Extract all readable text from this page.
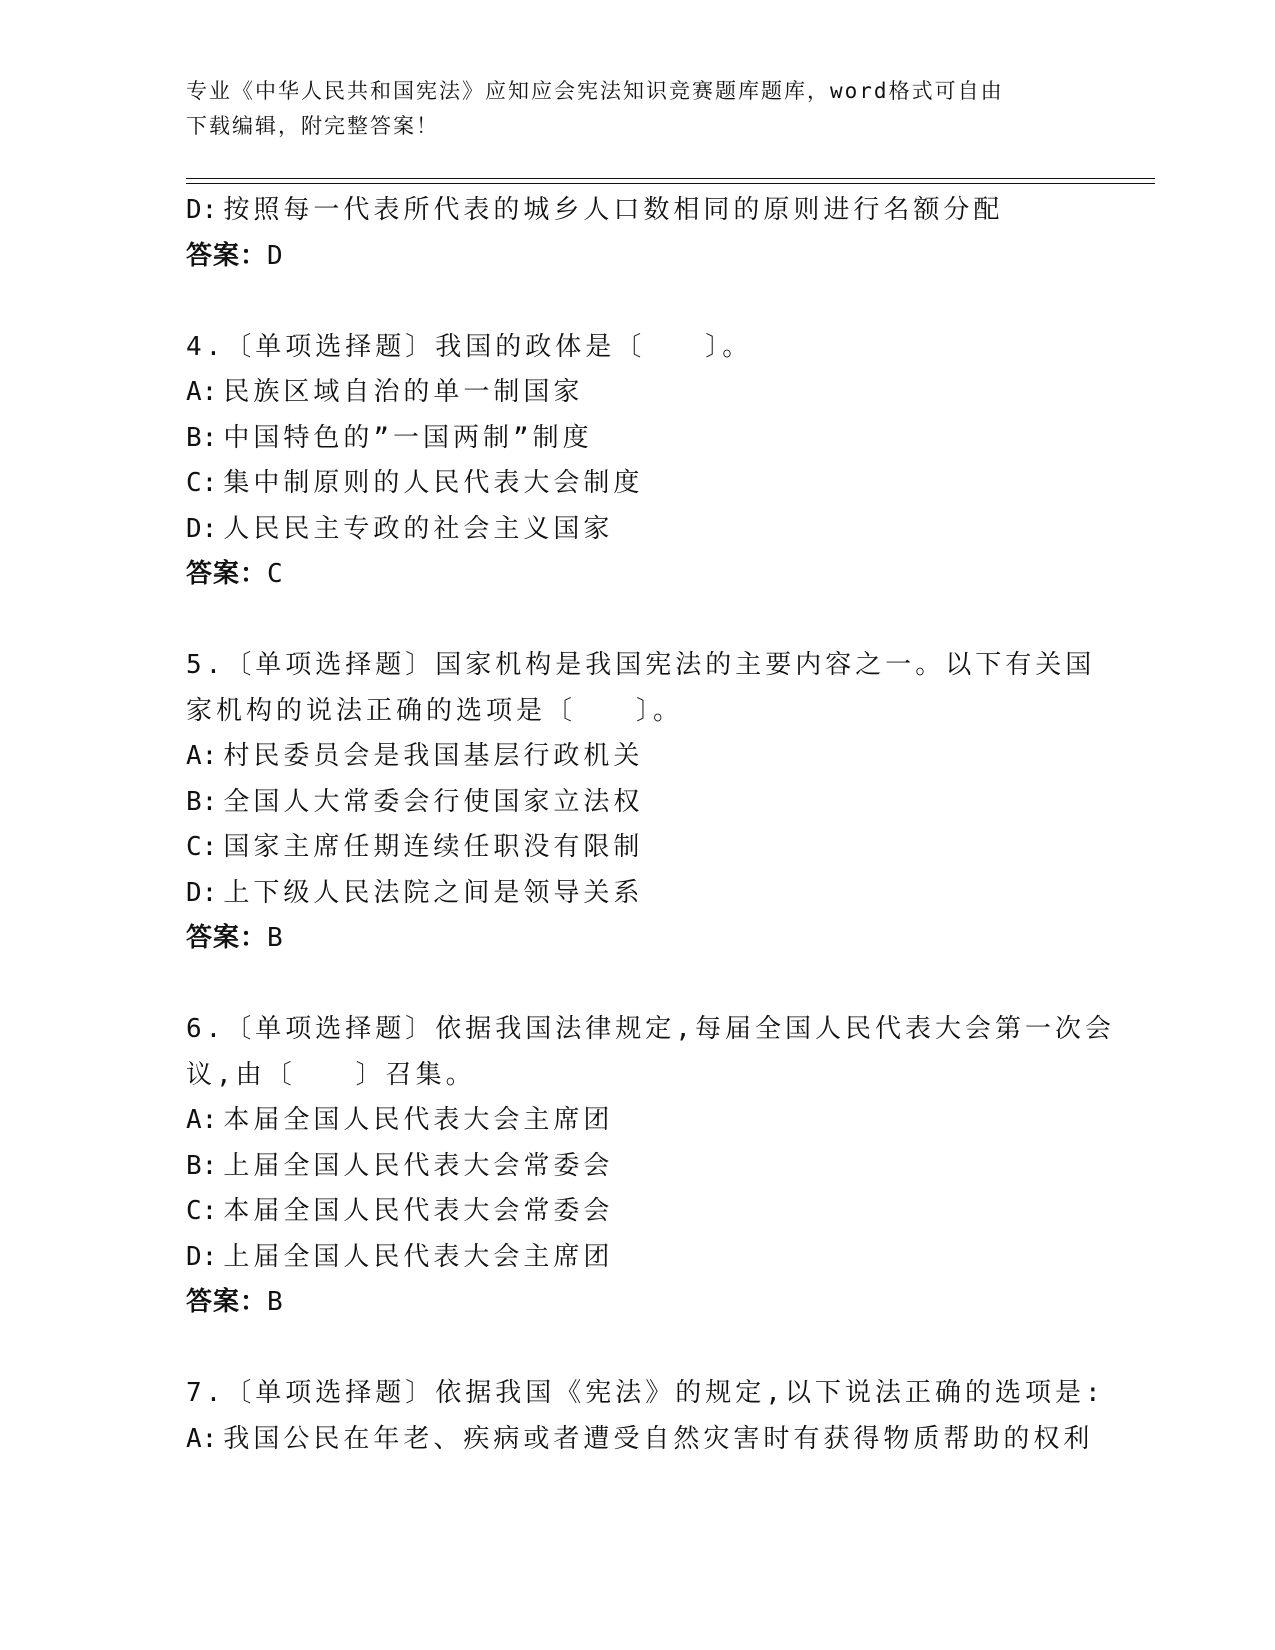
专业《中华人民共和国宪法》应知应会宪法知识竞赛题库题库，word格式可自由
下载编辑，附完整答案！
D: 按照每一代表所代表的城乡人口数相同的原则进行名额分配
答案：D
4.〔单项选择题〕我国的政体是〔　　〕。
A: 民族区域自治的单一制国家
B: 中国特色的”一国两制”制度
C: 集中制原则的人民代表大会制度
D: 人民民主专政的社会主义国家
答案：C
5.〔单项选择题〕国家机构是我国宪法的主要内容之一。以下有关国
家机构的说法正确的选项是〔　　〕。
A: 村民委员会是我国基层行政机关
B: 全国人大常委会行使国家立法权
C: 国家主席任期连续任职没有限制
D: 上下级人民法院之间是领导关系
答案：B
6.〔单项选择题〕依据我国法律规定,每届全国人民代表大会第一次会
议,由〔　　〕召集。
A: 本届全国人民代表大会主席团
B: 上届全国人民代表大会常委会
C: 本届全国人民代表大会常委会
D: 上届全国人民代表大会主席团
答案：B
7.〔单项选择题〕依据我国《宪法》的规定,以下说法正确的选项是:
A: 我国公民在年老、疾病或者遭受自然灾害时有获得物质帮助的权利
